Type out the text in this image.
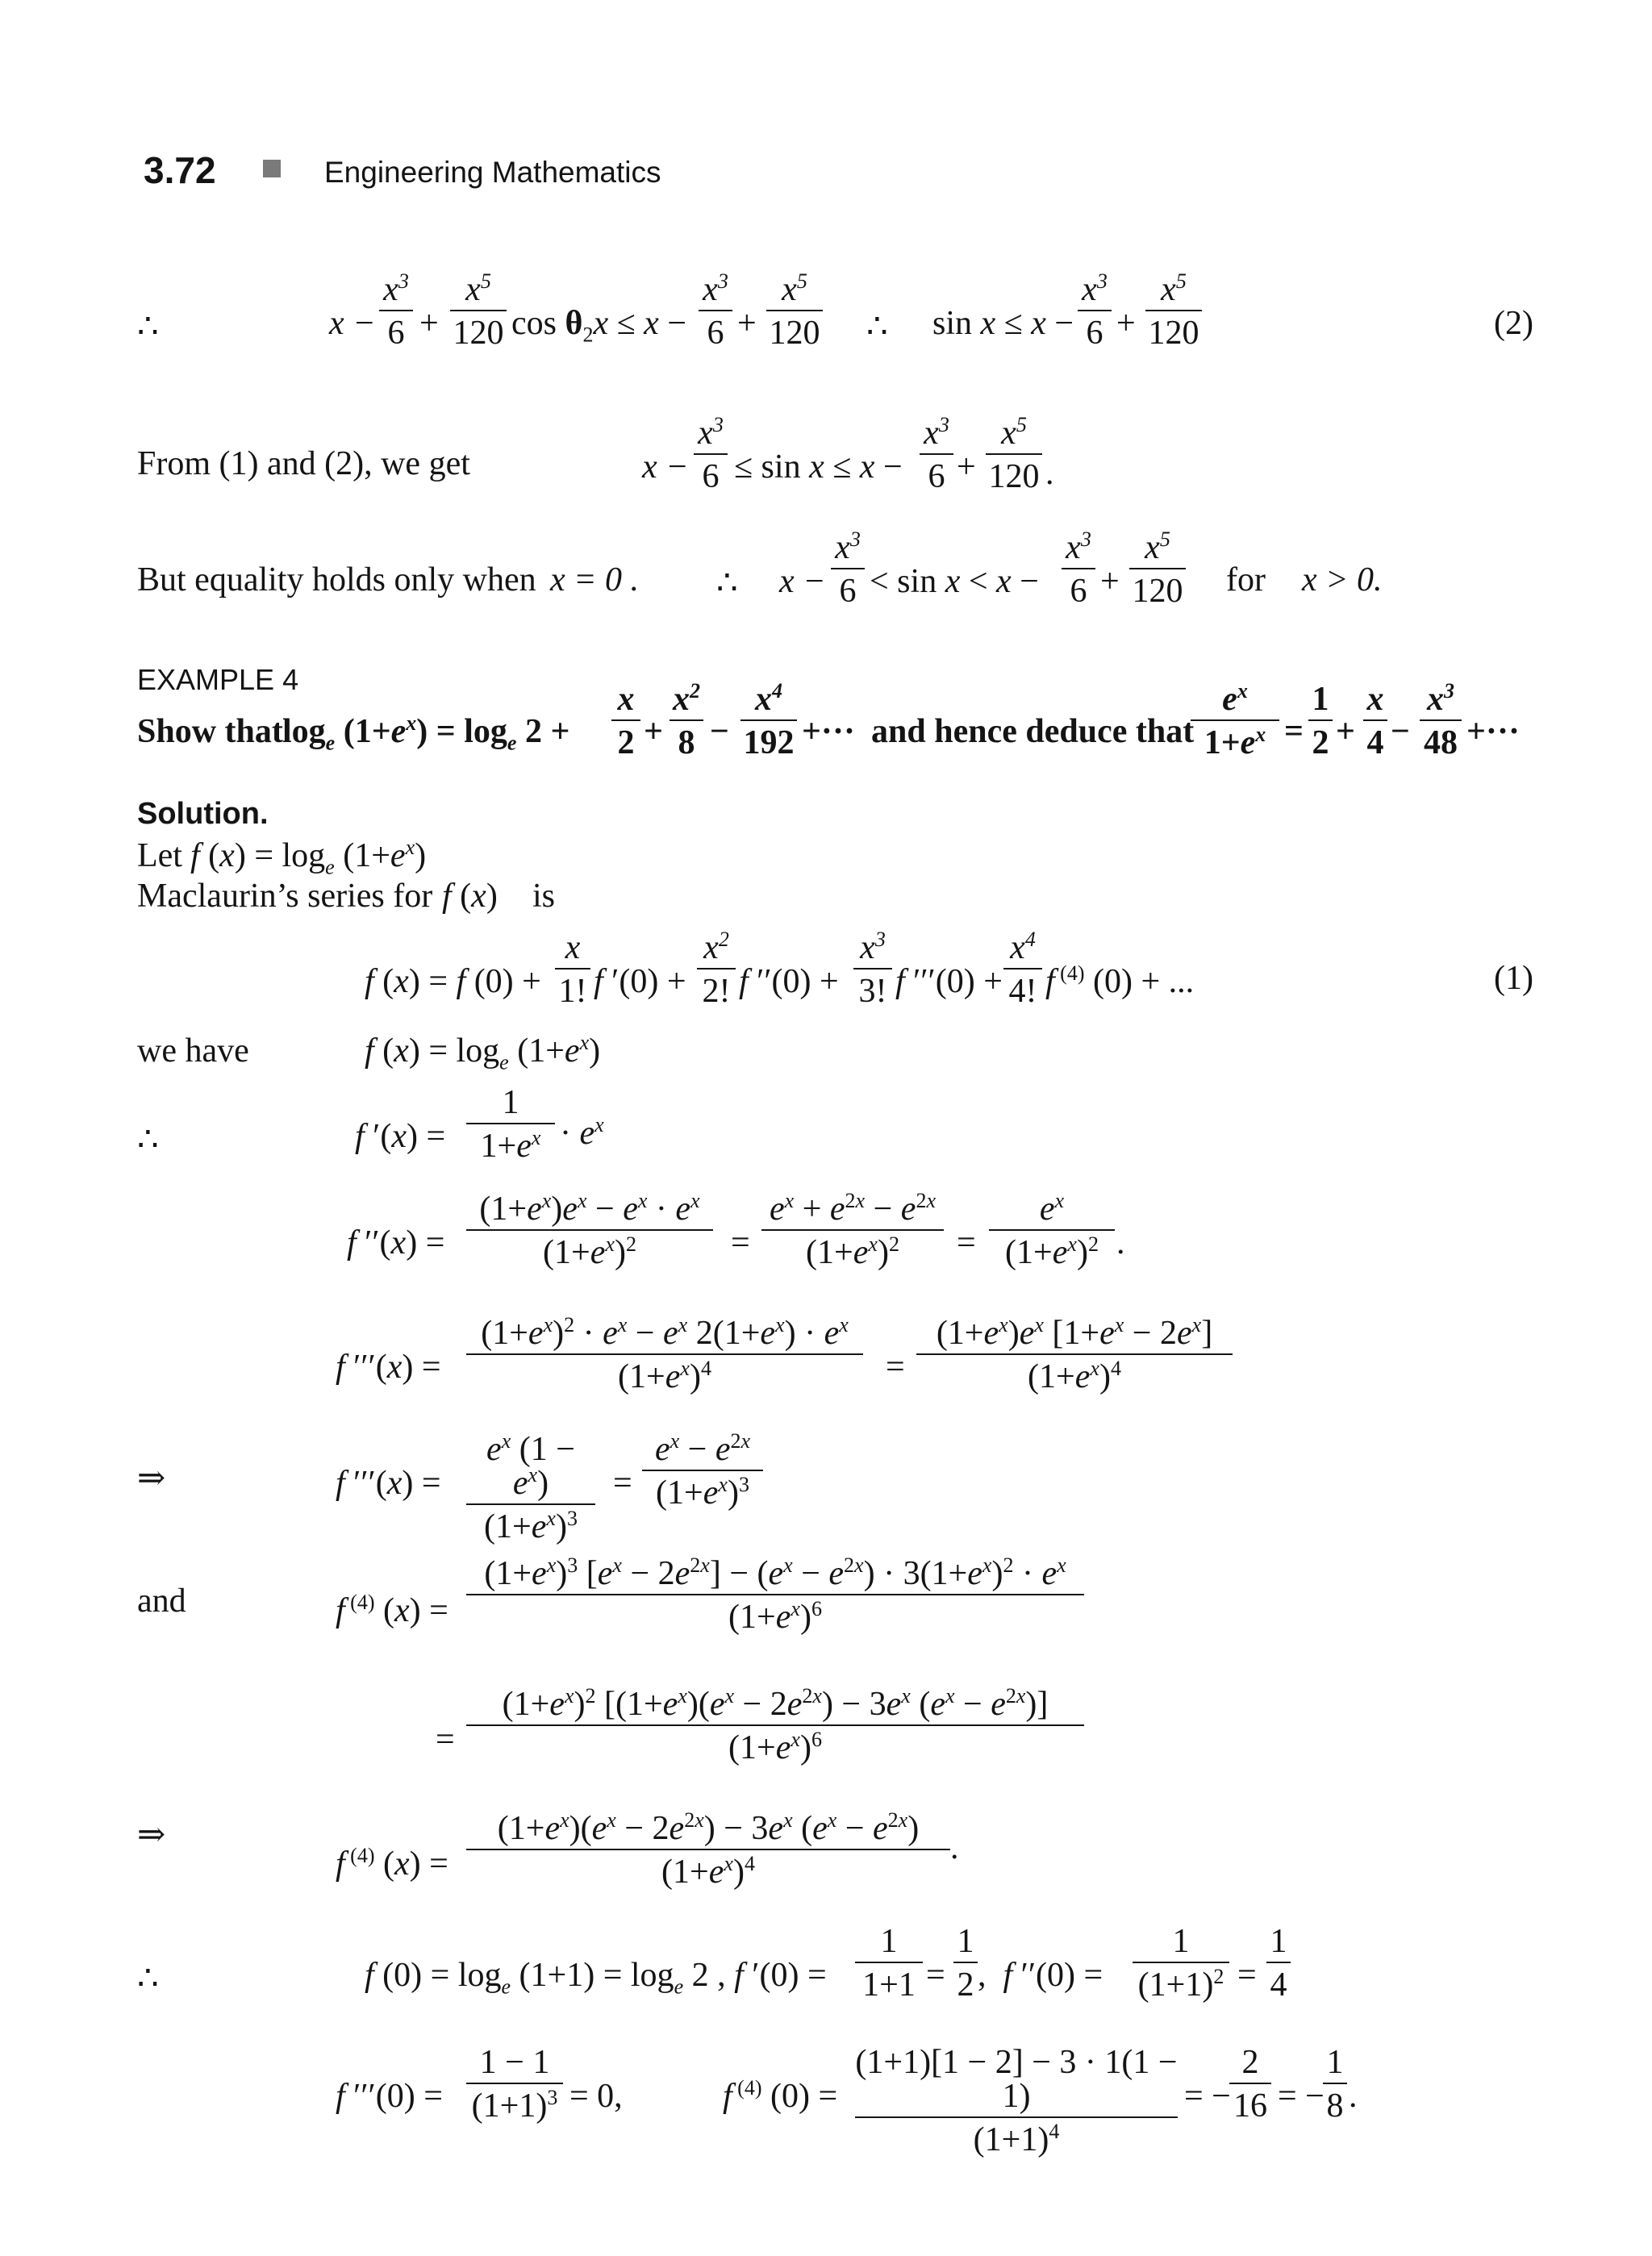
3.72	Engineering Mathematics
∴	x −
$x^3$
6 +
$x^5$
120 $\cos \theta_2x \le x$ −
$x^3$
6 +
$x^5$
120 ∴ sin x ≤ x −
$x^3$
6 +
$x^5$
120	(2)
From (1) and (2), we get	x −
$x^3$
6 ≤ sin x ≤ x −
$x^3$
6 +
$x^5$
120 .
But equality holds only when x = 0 . ∴ x −
$x^3$
6 < sin x < x −
$x^3$
6 +
$x^5$
120 for x > 0.
EXAMPLE 4
Show that $\log_e (1+e^x) = \log_e 2$ +
x
2 +
$x^2$
8 −
$x^4$
192 +··· and hence deduce that
$e^x$
$1+e^x$ =
1
2 +
x
4 −
$x^3$
48 +···
Solution.
Let f $(x) = \log_e (1+e^x)$
Maclaurin’s series for f (x) is
f (x) = f (0) +
x
1! f ′(0) +
$x^2$
2! f ′′(0) +
$x^3$
3! f ′′′(0) +
$x^4$
4! f $^{(4)}$ (0) + ...	(1)
we have	f $(x) = \log_e (1+e^x)$
∴	f ′(x) =
1
$1+e^x \cdot e^x$
f ′′(x) =
$(1+e^x)e^x - e^x \cdot e^x$
$(1+e^x)^2$	=
$e^x + e^{2x} - e^{2x}$
$(1+e^x)^2$	=
$e^x$
$(1+e^x)^2$ .
f ′′′(x) =
$(1+e^x)^2 \cdot e^x - e^x$ $2(1+e^x) \cdot e^x$
$(1+e^x)^4$	=
$(1+e^x)e^x$ $[1+e^x - 2e^x]$
$(1+e^x)^4$
⇒	f ′′′(x) =
$e^x$ $(1 - e^x)$
$(1+e^x)^3$
=
$e^x - e^{2x}$
$(1+e^x)^3$
and	f $^{(4)}$ (x) =
$(1+e^x)^3$ $[e^x - 2e^{2x}] - (e^x - e^{2x}) \cdot 3(1+e^x)^2 \cdot e^x$
$(1+e^x)^6$
=
$(1+e^x)^2$ [$(1+e^x)(e^x - 2e^{2x}) - 3e^x$ $(e^x - e^{2x})$]
$(1+e^x)^6$
⇒
f $^{(4)}$ (x) =
$(1+e^x)(e^x - 2e^{2x}) - 3e^x$ $(e^x - e^{2x})$
$(1+e^x)^4$	.
∴	f $(0) = \log_e (1+1) = \log_e 2$ , f ′(0) =
1
1+1 =
1
2 ,  f ′′(0) =
1
$(1+1)^2$ =
1
4
f ′′′(0) =
1 − 1
$(1+1)^3 = 0$,	f $^{(4)}$ (0) =
(1+1)[1 − 2] − 3 · 1(1 − 1)
$(1+1)^4$
= −
2
16 = −
1
8 .
